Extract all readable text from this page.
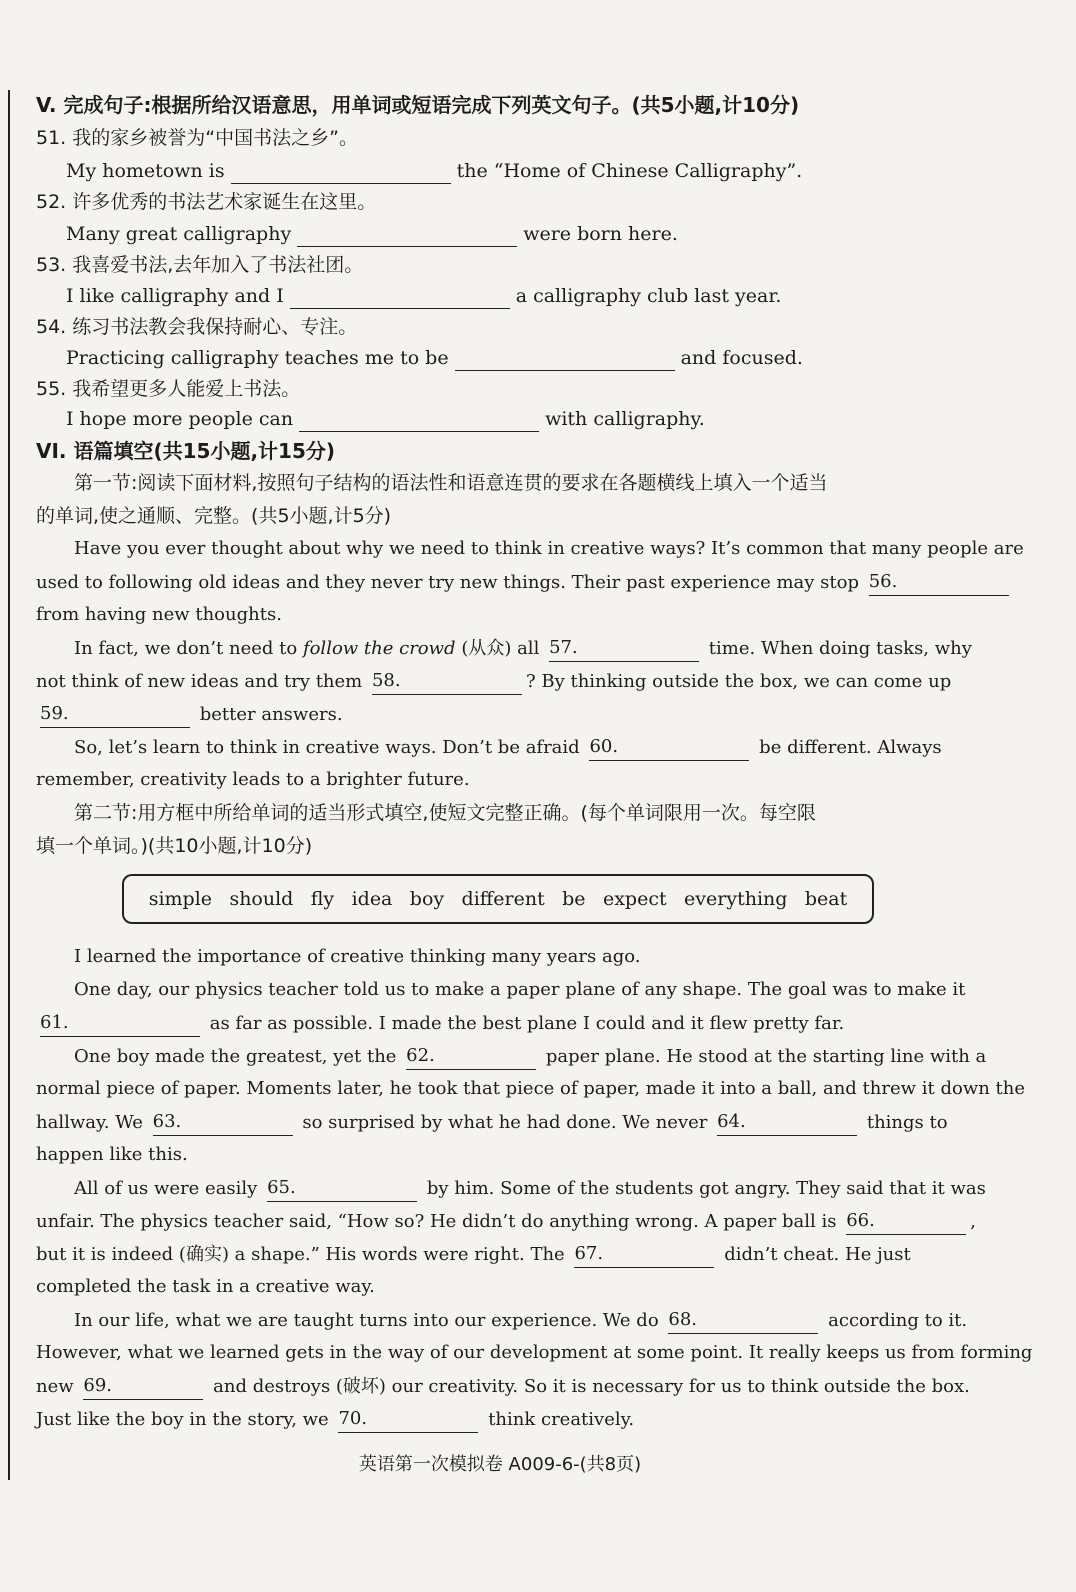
V. 完成句子:根据所给汉语意思，用单词或短语完成下列英文句子。(共5小题,计10分)
51. 我的家乡被誉为“中国书法之乡”。
My hometown is	the “Home of Chinese Calligraphy”.
52. 许多优秀的书法艺术家诞生在这里。
Many great calligraphy	were born here.
53. 我喜爱书法,去年加入了书法社团。
I like calligraphy and I	a calligraphy club last year.
54. 练习书法教会我保持耐心、专注。
Practicing calligraphy teaches me to be	and focused.
55. 我希望更多人能爱上书法。
I hope more people can	with calligraphy.
VI. 语篇填空(共15小题,计15分)
第一节:阅读下面材料,按照句子结构的语法性和语意连贯的要求在各题横线上填入一个适当
的单词,使之通顺、完整。(共5小题,计5分)
Have you ever thought about why we need to think in creative ways? It’s common that many people are
used to following old ideas and they never try new things. Their past experience may stop 56.
from having new thoughts.
In fact, we don’t need to follow the crowd (从众) all 57.	time. When doing tasks, why
not think of new ideas and try them 58.	? By thinking outside the box, we can come up
59.	better answers.
So, let’s learn to think in creative ways. Don’t be afraid 60.	be different. Always
remember, creativity leads to a brighter future.
第二节:用方框中所给单词的适当形式填空,使短文完整正确。(每个单词限用一次。每空限
填一个单词。)(共10小题,计10分)
simple should fly idea boy different be expect everything beat
I learned the importance of creative thinking many years ago.
One day, our physics teacher told us to make a paper plane of any shape. The goal was to make it
61.	as far as possible. I made the best plane I could and it flew pretty far.
One boy made the greatest, yet the 62.	paper plane. He stood at the starting line with a
normal piece of paper. Moments later, he took that piece of paper, made it into a ball, and threw it down the
hallway. We 63.	so surprised by what he had done. We never 64.	things to
happen like this.
All of us were easily 65.	by him. Some of the students got angry. They said that it was
unfair. The physics teacher said, “How so? He didn’t do anything wrong. A paper ball is 66.	,
but it is indeed (确实) a shape.” His words were right. The 67.	didn’t cheat. He just
completed the task in a creative way.
In our life, what we are taught turns into our experience. We do 68.	according to it.
However, what we learned gets in the way of our development at some point. It really keeps us from forming
new 69.	and destroys (破坏) our creativity. So it is necessary for us to think outside the box.
Just like the boy in the story, we 70.	think creatively.
英语第一次模拟卷 A009-6-(共8页)
